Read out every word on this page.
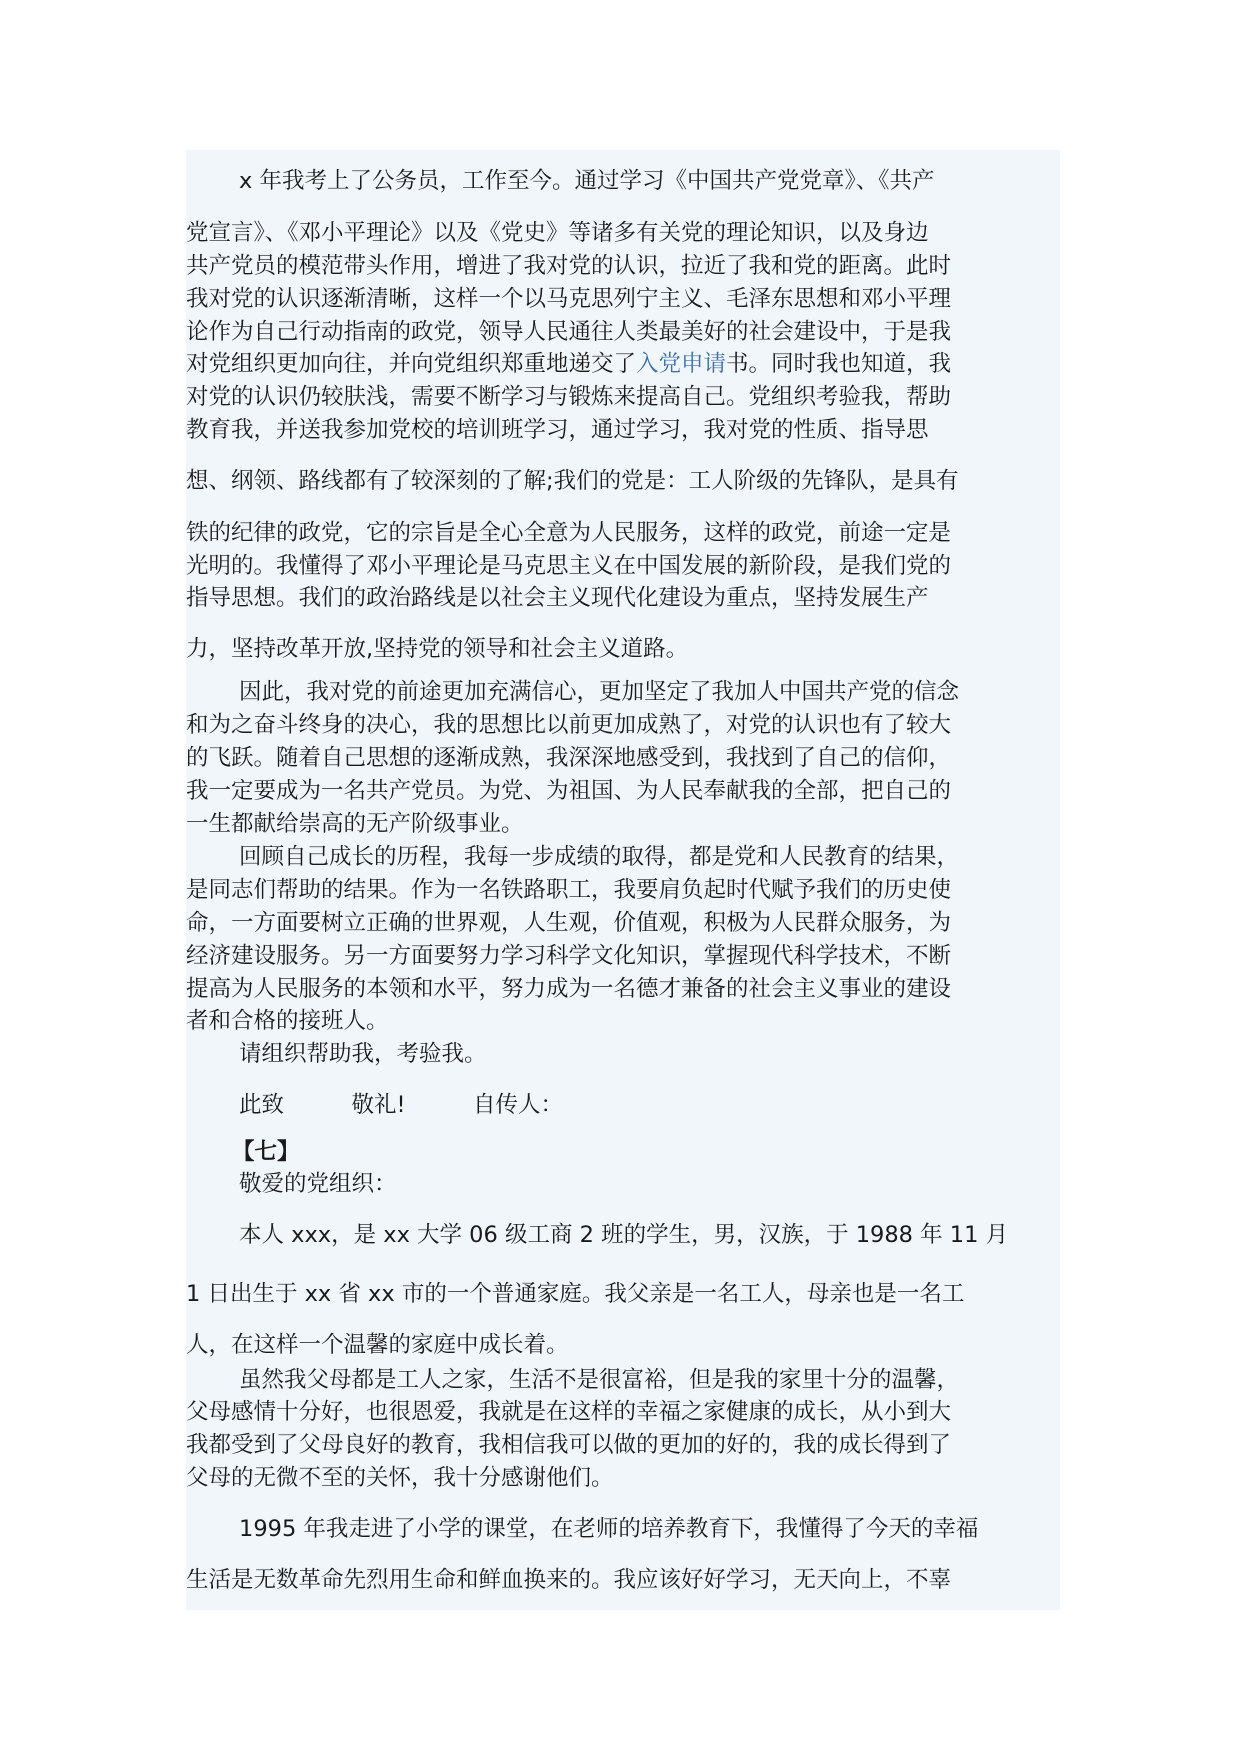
x 年我考上了公务员，工作至今。通过学习《中国共产党党章》、《共产
党宣言》、《邓小平理论》以及《党史》等诸多有关党的理论知识，以及身边
共产党员的模范带头作用，增进了我对党的认识，拉近了我和党的距离。此时
我对党的认识逐渐清晰，这样一个以马克思列宁主义、毛泽东思想和邓小平理
论作为自己行动指南的政党，领导人民通往人类最美好的社会建设中，于是我
对党组织更加向往，并向党组织郑重地递交了入党申请书。同时我也知道，我
对党的认识仍较肤浅，需要不断学习与锻炼来提高自己。党组织考验我，帮助
教育我，并送我参加党校的培训班学习，通过学习，我对党的性质、指导思
想、纲领、路线都有了较深刻的了解;我们的党是：工人阶级的先锋队，是具有
铁的纪律的政党，它的宗旨是全心全意为人民服务，这样的政党，前途一定是
光明的。我懂得了邓小平理论是马克思主义在中国发展的新阶段，是我们党的
指导思想。我们的政治路线是以社会主义现代化建设为重点，坚持发展生产
力，坚持改革开放,坚持党的领导和社会主义道路。
因此，我对党的前途更加充满信心，更加坚定了我加人中国共产党的信念
和为之奋斗终身的决心，我的思想比以前更加成熟了，对党的认识也有了较大
的飞跃。随着自己思想的逐渐成熟，我深深地感受到，我找到了自己的信仰，
我一定要成为一名共产党员。为党、为祖国、为人民奉献我的全部，把自己的
一生都献给崇高的无产阶级事业。
回顾自己成长的历程，我每一步成绩的取得，都是党和人民教育的结果，
是同志们帮助的结果。作为一名铁路职工，我要肩负起时代赋予我们的历史使
命，一方面要树立正确的世界观，人生观，价值观，积极为人民群众服务，为
经济建设服务。另一方面要努力学习科学文化知识，掌握现代科学技术，不断
提高为人民服务的本领和水平，努力成为一名德才兼备的社会主义事业的建设
者和合格的接班人。
请组织帮助我，考验我。
此致　　　敬礼!　　　自传人：
【七】
敬爱的党组织：
本人 xxx，是 xx 大学 06 级工商 2 班的学生，男，汉族，于 1988 年 11 月
1 日出生于 xx 省 xx 市的一个普通家庭。我父亲是一名工人，母亲也是一名工
人，在这样一个温馨的家庭中成长着。
虽然我父母都是工人之家，生活不是很富裕，但是我的家里十分的温馨，
父母感情十分好，也很恩爱，我就是在这样的幸福之家健康的成长，从小到大
我都受到了父母良好的教育，我相信我可以做的更加的好的，我的成长得到了
父母的无微不至的关怀，我十分感谢他们。
1995 年我走进了小学的课堂，在老师的培养教育下，我懂得了今天的幸福
生活是无数革命先烈用生命和鲜血换来的。我应该好好学习，无天向上，不辜
